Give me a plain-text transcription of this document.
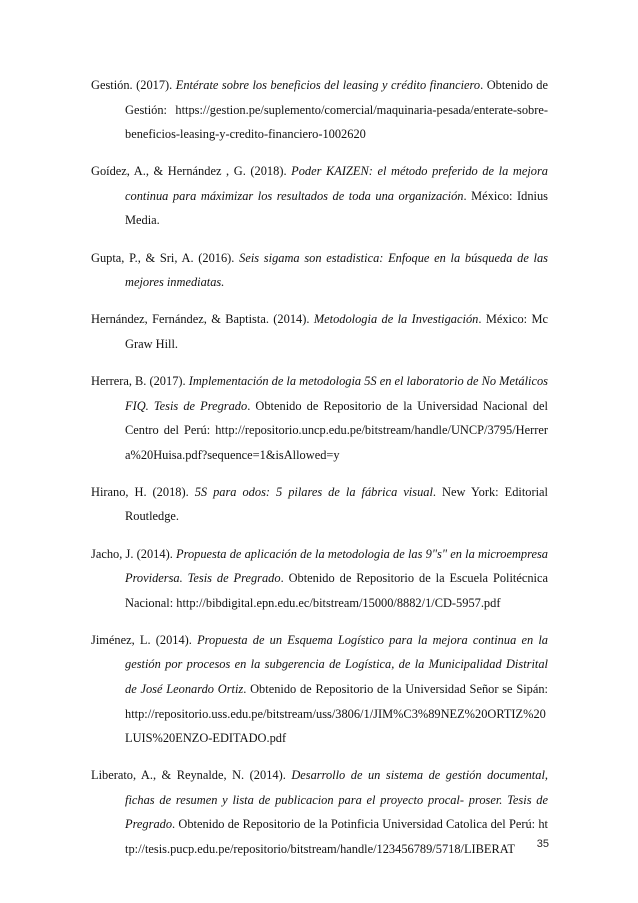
Gestión. (2017). Entérate sobre los beneficios del leasing y crédito financiero. Obtenido de Gestión: https://gestion.pe/suplemento/comercial/maquinaria-pesada/enterate-sobre-beneficios-leasing-y-credito-financiero-1002620

Goídez, A., & Hernández , G. (2018). Poder KAIZEN: el método preferido de la mejora continua para máximizar los resultados de toda una organización. México: Idnius Media.

Gupta, P., & Sri, A. (2016). Seis sigama son estadistica: Enfoque en la búsqueda de las mejores inmediatas.

Hernández, Fernández, & Baptista. (2014). Metodologia de la Investigación. México: Mc Graw Hill.

Herrera, B. (2017). Implementación de la metodologia 5S en el laboratorio de No Metálicos FIQ. Tesis de Pregrado. Obtenido de Repositorio de la Universidad Nacional del Centro del Perú: http://repositorio.uncp.edu.pe/bitstream/handle/UNCP/3795/Herrera%20Huisa.pdf?sequence=1&isAllowed=y

Hirano, H. (2018). 5S para odos: 5 pilares de la fábrica visual. New York: Editorial Routledge.

Jacho, J. (2014). Propuesta de aplicación de la metodologia de las 9"s" en la microempresa Providersa. Tesis de Pregrado. Obtenido de Repositorio de la Escuela Politécnica Nacional: http://bibdigital.epn.edu.ec/bitstream/15000/8882/1/CD-5957.pdf

Jiménez, L. (2014). Propuesta de un Esquema Logístico para la mejora continua en la gestión por procesos en la subgerencia de Logística, de la Municipalidad Distrital de José Leonardo Ortiz. Obtenido de Repositorio de la Universidad Señor se Sipán: http://repositorio.uss.edu.pe/bitstream/uss/3806/1/JIM%C3%89NEZ%20ORTIZ%20LUIS%20ENZO-EDITADO.pdf

Liberato, A., & Reynalde, N. (2014). Desarrollo de un sistema de gestión documental, fichas de resumen y lista de publicacion para el proyecto procal- proser. Tesis de Pregrado. Obtenido de Repositorio de la Potinficia Universidad Catolica del Perú: http://tesis.pucp.edu.pe/repositorio/bitstream/handle/123456789/5718/LIBERAT	35
